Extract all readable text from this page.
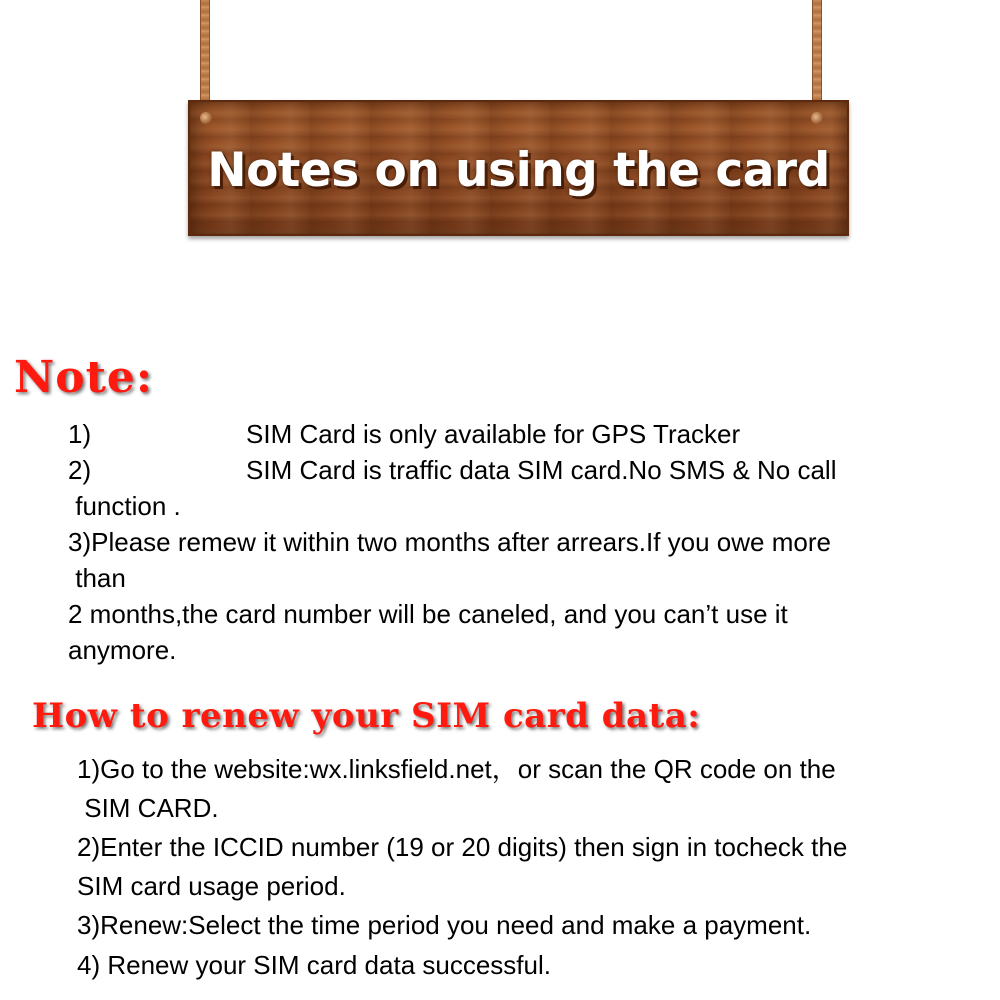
Notes on using the card
Note:

1)	SIM Card is only available for GPS Tracker

2)	SIM Card is traffic data SIM card.No SMS & No call

function .

3)Please remew it within two months after arrears.If you owe more

than

2 months,the card number will be caneled, and you can’t use it

anymore.

How to renew your SIM card data:

1)Go to the website:wx.linksfield.net，or scan the QR code on the

SIM CARD.

2)Enter the ICCID number (19 or 20 digits) then sign in tocheck the

SIM card usage period.

3)Renew:Select the time period you need and make a payment.

4) Renew your SIM card data successful.
